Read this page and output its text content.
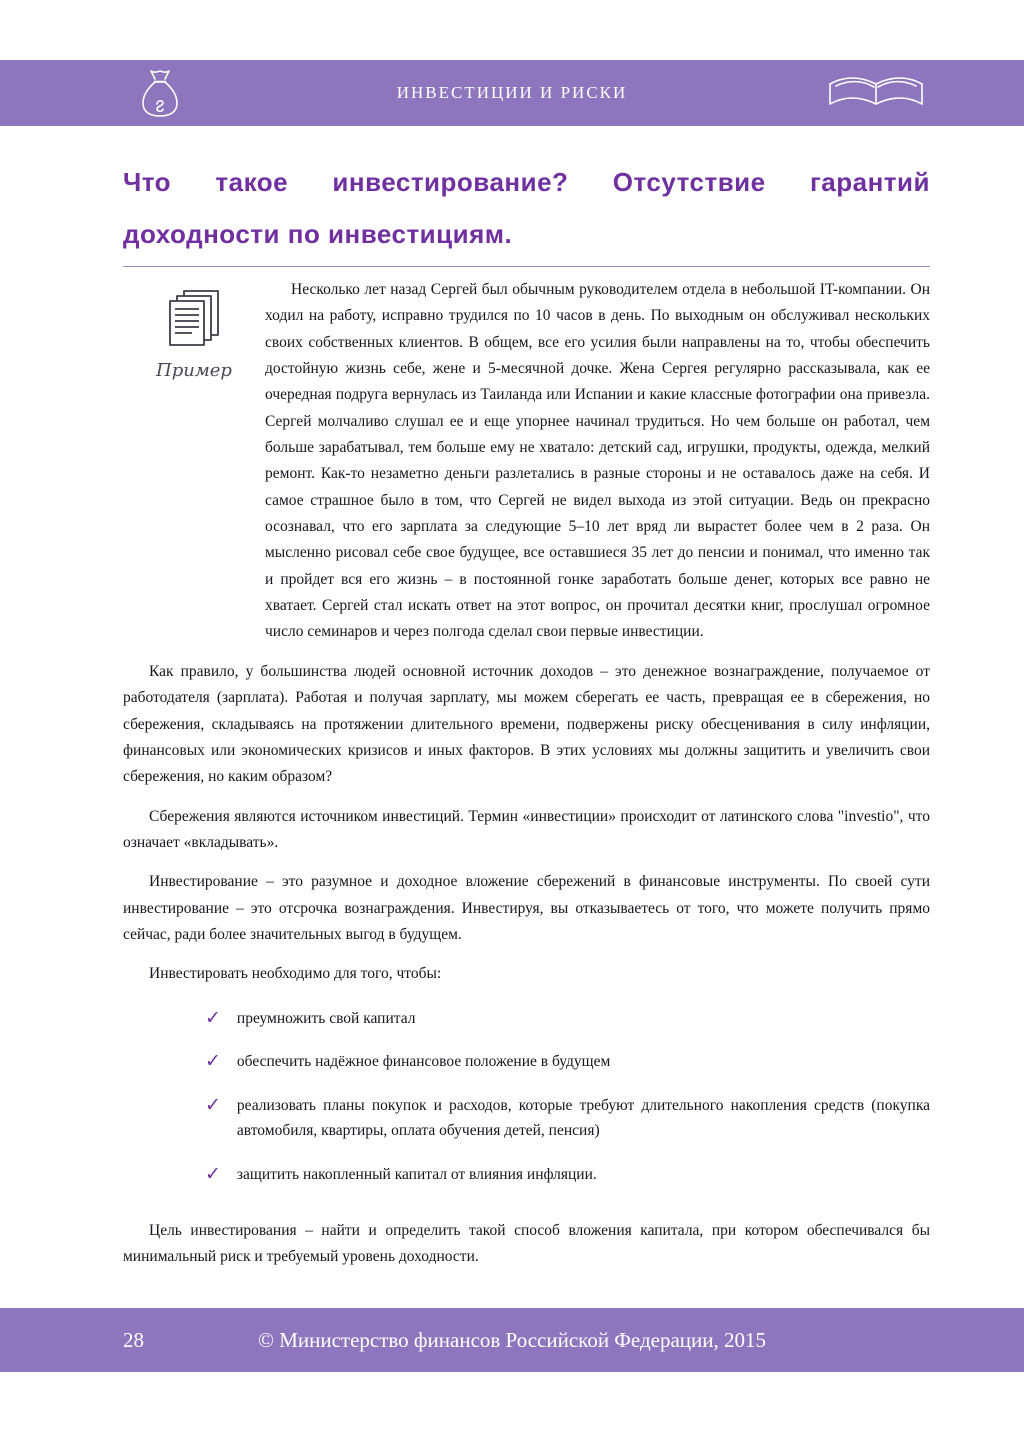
ИНВЕСТИЦИИ И РИСКИ
Что такое инвестирование? Отсутствие гарантий доходности по инвестициям.
Пример
Несколько лет назад Сергей был обычным руководителем отдела в небольшой IT-компании. Он ходил на работу, исправно трудился по 10 часов в день. По выходным он обслуживал нескольких своих собственных клиентов. В общем, все его усилия были направлены на то, чтобы обеспечить достойную жизнь себе, жене и 5-месячной дочке. Жена Сергея регулярно рассказывала, как ее очередная подруга вернулась из Таиланда или Испании и какие классные фотографии она привезла. Сергей молчаливо слушал ее и еще упорнее начинал трудиться. Но чем больше он работал, чем больше зарабатывал, тем больше ему не хватало: детский сад, игрушки, продукты, одежда, мелкий ремонт. Как-то незаметно деньги разлетались в разные стороны и не оставалось даже на себя. И самое страшное было в том, что Сергей не видел выхода из этой ситуации. Ведь он прекрасно осознавал, что его зарплата за следующие 5–10 лет вряд ли вырастет более чем в 2 раза. Он мысленно рисовал себе свое будущее, все оставшиеся 35 лет до пенсии и понимал, что именно так и пройдет вся его жизнь – в постоянной гонке заработать больше денег, которых все равно не хватает. Сергей стал искать ответ на этот вопрос, он прочитал десятки книг, прослушал огромное число семинаров и через полгода сделал свои первые инвестиции.

Как правило, у большинства людей основной источник доходов – это денежное вознаграждение, получаемое от работодателя (зарплата). Работая и получая зарплату, мы можем сберегать ее часть, превращая ее в сбережения, но сбережения, складываясь на протяжении длительного времени, подвержены риску обесценивания в силу инфляции, финансовых или экономических кризисов и иных факторов. В этих условиях мы должны защитить и увеличить свои сбережения, но каким образом?

Сбережения являются источником инвестиций. Термин «инвестиции» происходит от латинского слова "investio", что означает «вкладывать».

Инвестирование – это разумное и доходное вложение сбережений в финансовые инструменты. По своей сути инвестирование – это отсрочка вознаграждения. Инвестируя, вы отказываетесь от того, что можете получить прямо сейчас, ради более значительных выгод в будущем.

Инвестировать необходимо для того, чтобы:

✓ преумножить свой капитал
✓ обеспечить надёжное финансовое положение в будущем
✓ реализовать планы покупок и расходов, которые требуют длительного накопления средств (покупка автомобиля, квартиры, оплата обучения детей, пенсия)
✓ защитить накопленный капитал от влияния инфляции.

Цель инвестирования – найти и определить такой способ вложения капитала, при котором обеспечивался бы минимальный риск и требуемый уровень доходности.

28	© Министерство финансов Российской Федерации, 2015
